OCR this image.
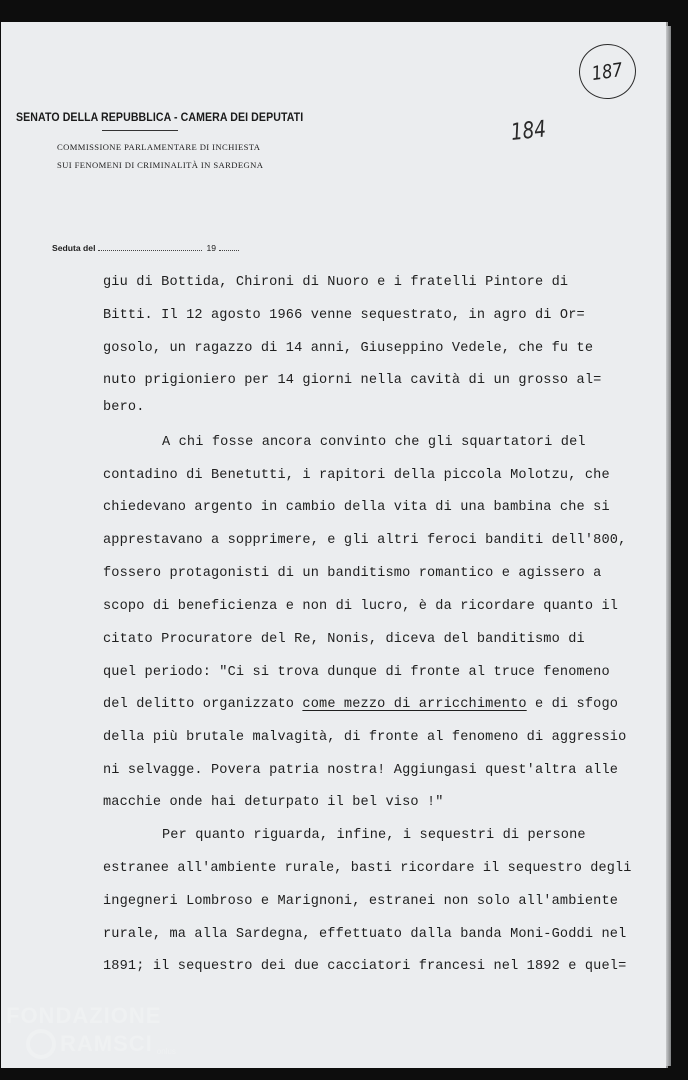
187
SENATO DELLA REPUBBLICA - CAMERA DEI DEPUTATI
COMMISSIONE PARLAMENTARE DI INCHIESTA
SUI FENOMENI DI CRIMINALITÀ IN SARDEGNA
184
Seduta del	19
giu di Bottida, Chironi di Nuoro e i fratelli Pintore di
Bitti. Il 12 agosto 1966 venne sequestrato, in agro di Or=
gosolo, un ragazzo di 14 anni, Giuseppino Vedele, che fu te
nuto prigioniero per 14 giorni nella cavità di un grosso al=
bero.
A chi fosse ancora convinto che gli squartatori del
contadino di Benetutti, i rapitori della piccola Molotzu, che
chiedevano argento in cambio della vita di una bambina che si
apprestavano a sopprimere, e gli altri feroci banditi dell'800,
fossero protagonisti di un banditismo romantico e agissero a
scopo di beneficienza e non di lucro, è da ricordare quanto il
citato Procuratore del Re, Nonis, diceva del banditismo di
quel periodo: "Ci si trova dunque di fronte al truce fenomeno
del delitto organizzato come mezzo di arricchimento e di sfogo
della più brutale malvagità, di fronte al fenomeno di aggressio
ni selvagge. Povera patria nostra! Aggiungasi quest'altra alle
macchie onde hai deturpato il bel viso !"
Per quanto riguarda, infine, i sequestri di persone
estranee all'ambiente rurale, basti ricordare il sequestro degli
ingegneri Lombroso e Marignoni, estranei non solo all'ambiente
rurale, ma alla Sardegna, effettuato dalla banda Moni-Goddi nel
1891; il sequestro dei due cacciatori francesi nel 1892 e quel=
FONDAZIONE
RAMSCI onlus
